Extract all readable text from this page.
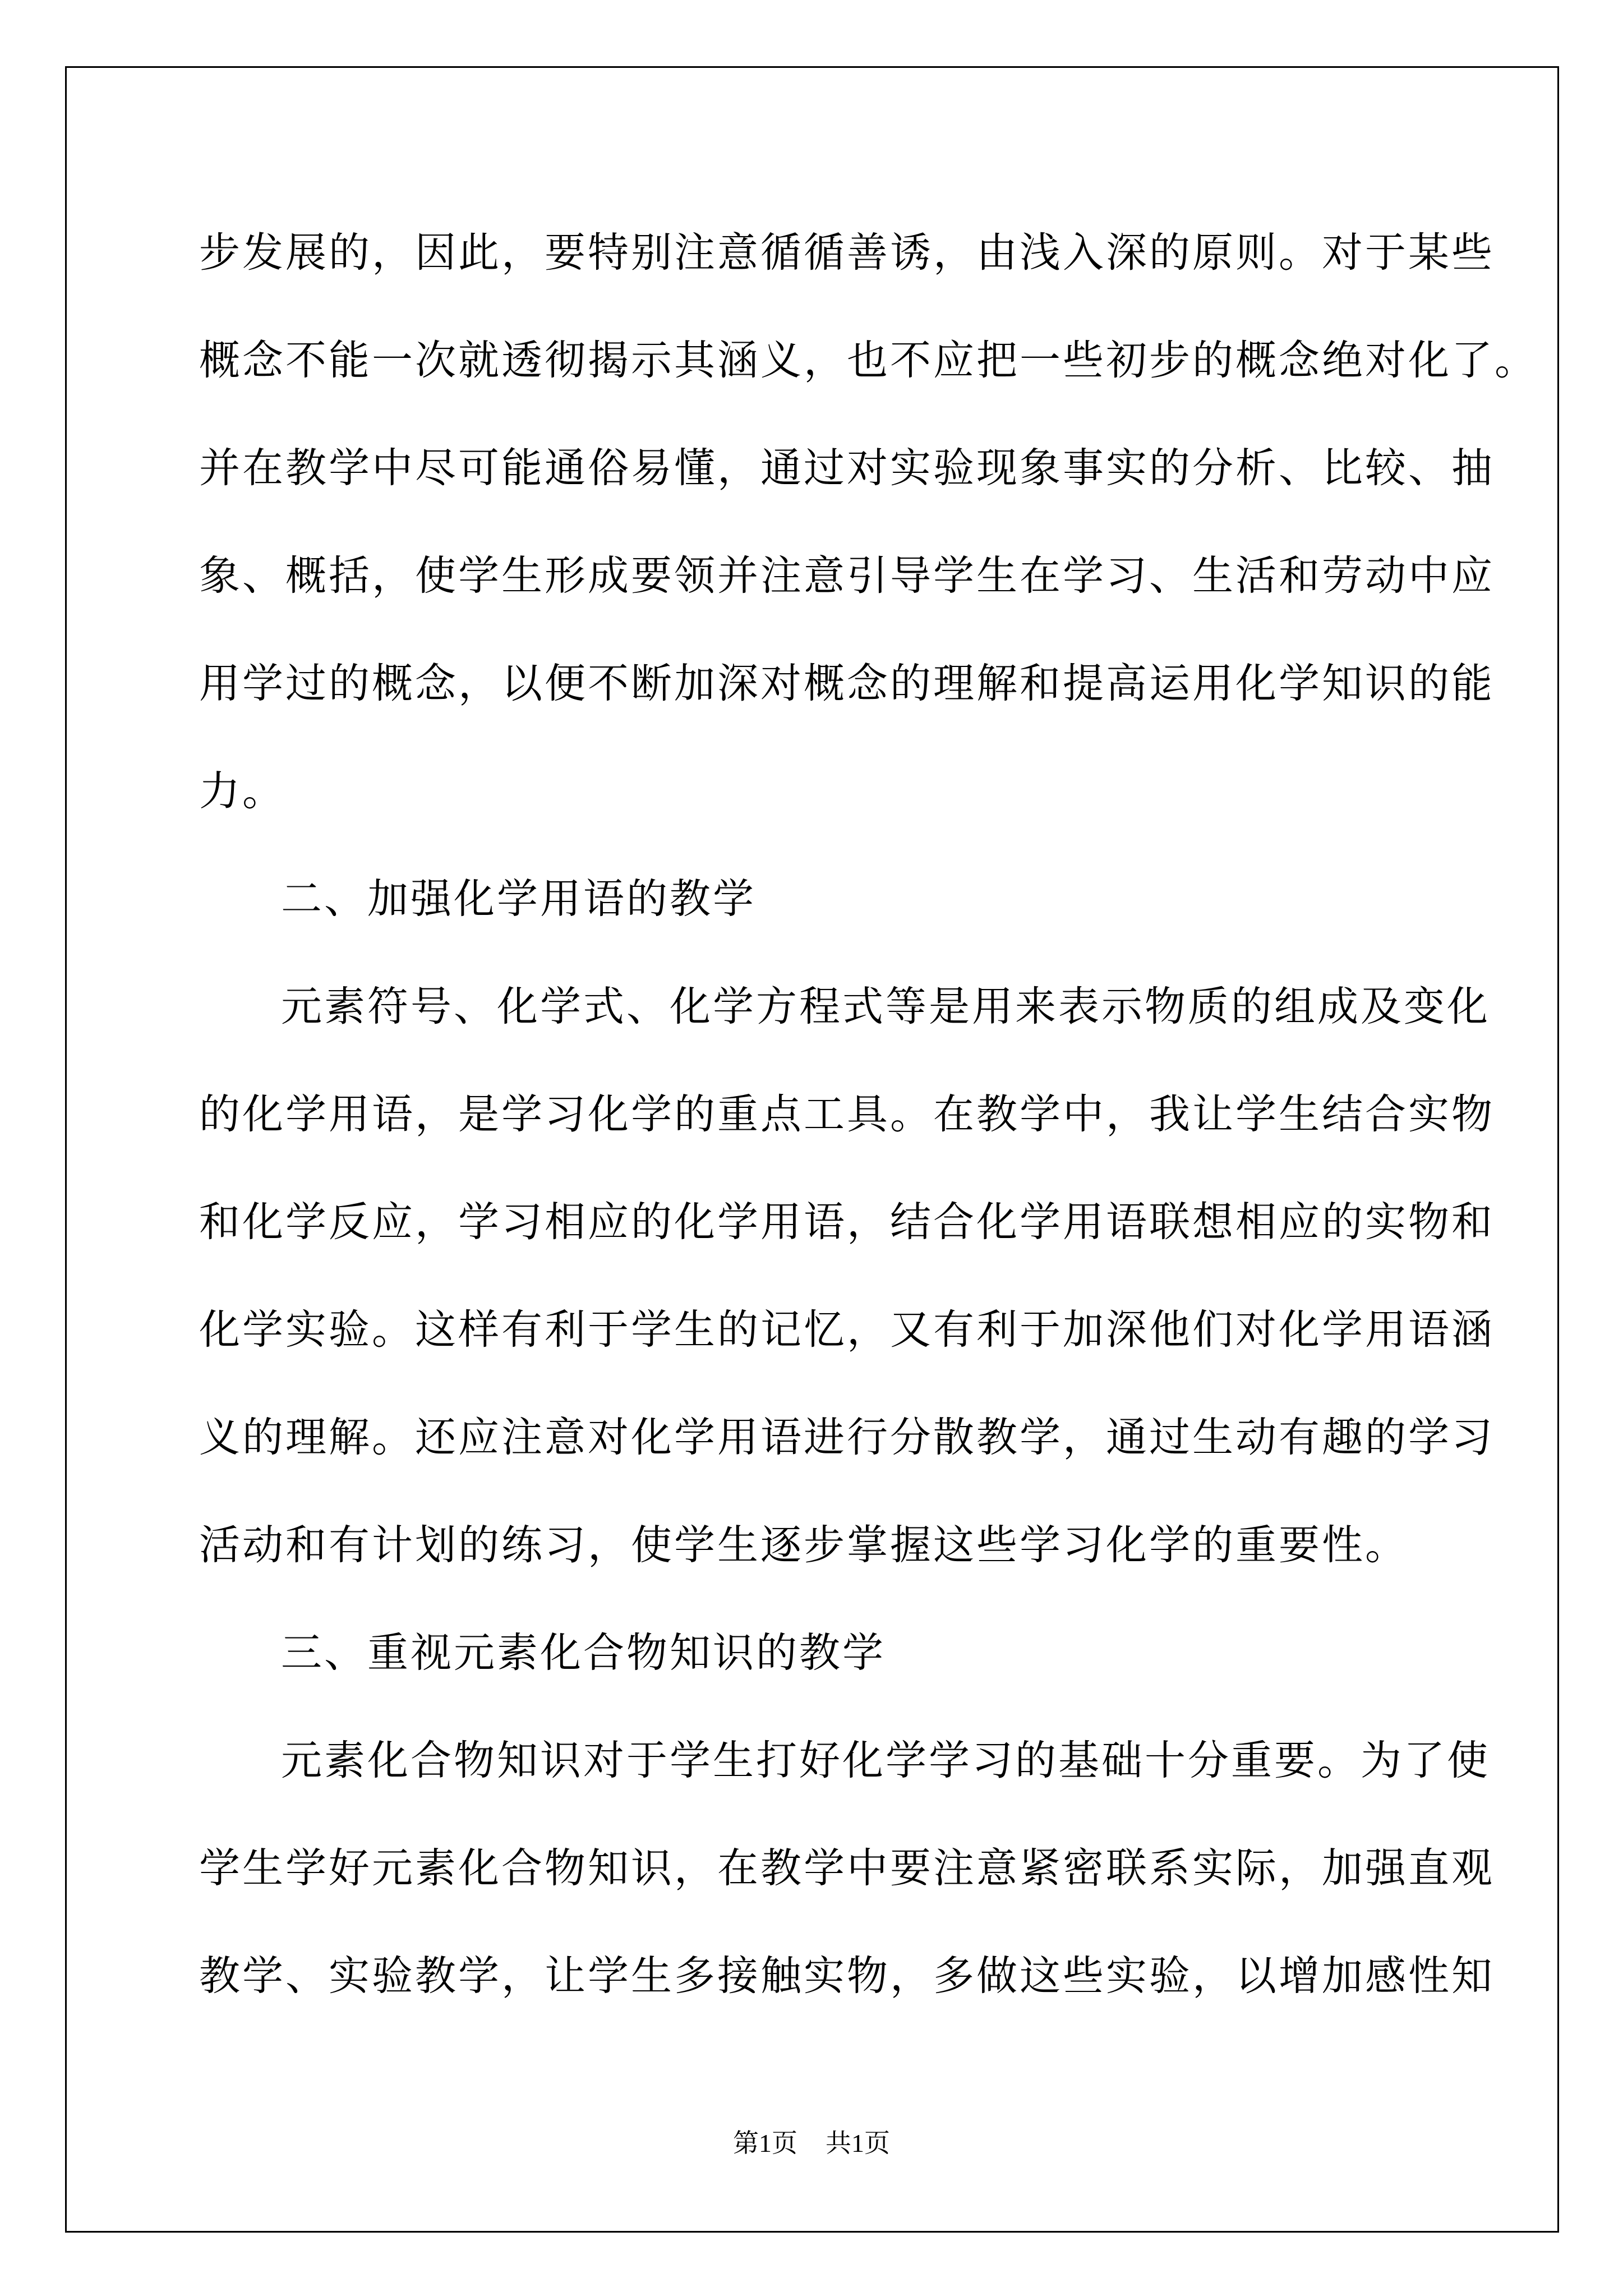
步发展的，因此，要特别注意循循善诱，由浅入深的原则。对于某些
概念不能一次就透彻揭示其涵义，也不应把一些初步的概念绝对化了。
并在教学中尽可能通俗易懂，通过对实验现象事实的分析、比较、抽
象、概括，使学生形成要领并注意引导学生在学习、生活和劳动中应
用学过的概念，以便不断加深对概念的理解和提高运用化学知识的能
力。
二、加强化学用语的教学
元素符号、化学式、化学方程式等是用来表示物质的组成及变化
的化学用语，是学习化学的重点工具。在教学中，我让学生结合实物
和化学反应，学习相应的化学用语，结合化学用语联想相应的实物和
化学实验。这样有利于学生的记忆，又有利于加深他们对化学用语涵
义的理解。还应注意对化学用语进行分散教学，通过生动有趣的学习
活动和有计划的练习，使学生逐步掌握这些学习化学的重要性。
三、重视元素化合物知识的教学
元素化合物知识对于学生打好化学学习的基础十分重要。为了使
学生学好元素化合物知识，在教学中要注意紧密联系实际，加强直观
教学、实验教学，让学生多接触实物，多做这些实验，以增加感性知
第1页 共1页
